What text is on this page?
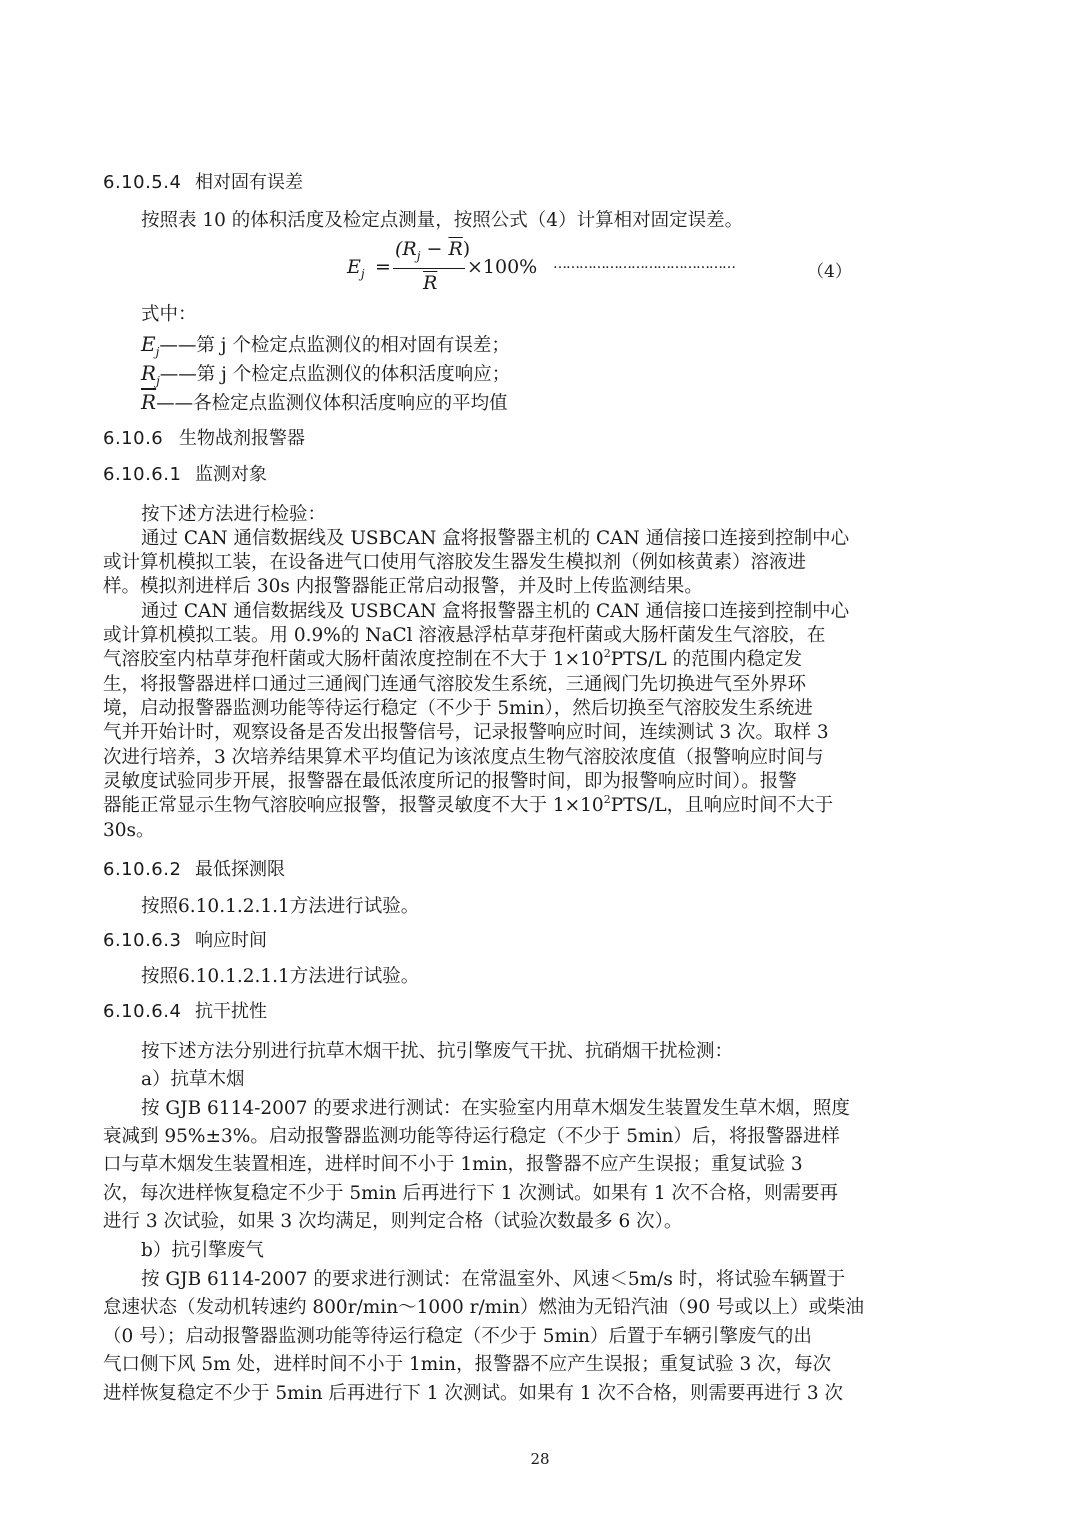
6.10.5.4 相对固有误差
按照表 10 的体积活度及检定点测量，按照公式（4）计算相对固定误差。
$E_j$ =
$(R_j - \overline{R})$
$\overline{R}$
×100% ……………………………………	（4）
式中：
$E_j——$第 j 个检定点监测仪的相对固有误差；
$R_j——$第 j 个检定点监测仪的体积活度响应；
$\overline{R}——$各检定点监测仪体积活度响应的平均值
6.10.6 生物战剂报警器
6.10.6.1 监测对象
按下述方法进行检验：
通过 CAN 通信数据线及 USBCAN 盒将报警器主机的 CAN 通信接口连接到控制中心
或计算机模拟工装，在设备进气口使用气溶胶发生器发生模拟剂（例如核黄素）溶液进
样。模拟剂进样后 30s 内报警器能正常启动报警，并及时上传监测结果。
通过 CAN 通信数据线及 USBCAN 盒将报警器主机的 CAN 通信接口连接到控制中心
或计算机模拟工装。用 0.9%的 NaCl 溶液悬浮枯草芽孢杆菌或大肠杆菌发生气溶胶，在
气溶胶室内枯草芽孢杆菌或大肠杆菌浓度控制在不大于 $1\times 10^2PTS/L$ 的范围内稳定发
生，将报警器进样口通过三通阀门连通气溶胶发生系统，三通阀门先切换进气至外界环
境，启动报警器监测功能等待运行稳定（不少于 5min），然后切换至气溶胶发生系统进
气并开始计时，观察设备是否发出报警信号，记录报警响应时间，连续测试 3 次。取样 3
次进行培养，3 次培养结果算术平均值记为该浓度点生物气溶胶浓度值（报警响应时间与
灵敏度试验同步开展，报警器在最低浓度所记的报警时间，即为报警响应时间）。报警
器能正常显示生物气溶胶响应报警，报警灵敏度不大于 $1\times 10^2PTS/L$，且响应时间不大于
30s。
6.10.6.2 最低探测限
按照6.10.1.2.1.1方法进行试验。
6.10.6.3 响应时间
按照6.10.1.2.1.1方法进行试验。
6.10.6.4 抗干扰性
按下述方法分别进行抗草木烟干扰、抗引擎废气干扰、抗硝烟干扰检测：
a）抗草木烟
按 GJB 6114-2007 的要求进行测试：在实验室内用草木烟发生装置发生草木烟，照度
衰减到 95%±3%。启动报警器监测功能等待运行稳定（不少于 5min）后，将报警器进样
口与草木烟发生装置相连，进样时间不小于 1min，报警器不应产生误报；重复试验 3
次，每次进样恢复稳定不少于 5min 后再进行下 1 次测试。如果有 1 次不合格，则需要再
进行 3 次试验，如果 3 次均满足，则判定合格（试验次数最多 6 次）。
b）抗引擎废气
按 GJB 6114-2007 的要求进行测试：在常温室外、风速＜5m/s 时，将试验车辆置于
怠速状态（发动机转速约 800r/min～1000 r/min）燃油为无铅汽油（90 号或以上）或柴油
（0 号）；启动报警器监测功能等待运行稳定（不少于 5min）后置于车辆引擎废气的出
气口侧下风 5m 处，进样时间不小于 1min，报警器不应产生误报；重复试验 3 次，每次
进样恢复稳定不少于 5min 后再进行下 1 次测试。如果有 1 次不合格，则需要再进行 3 次
28
